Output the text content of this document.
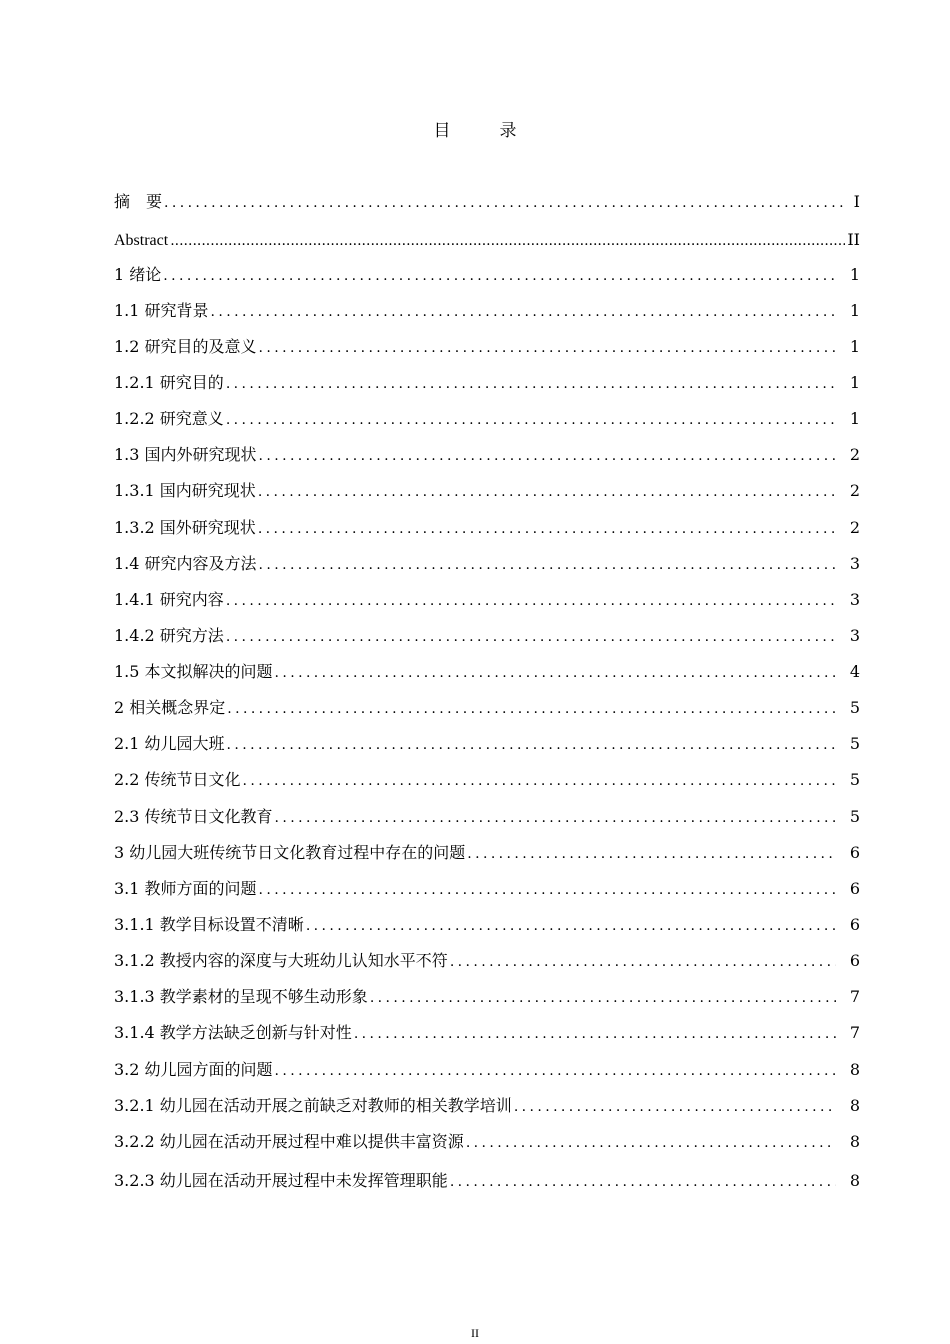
目　录
摘　要 .....	I
Abstract .....	II
1 绪论 .....	1
1.1 研究背景 .....	1
1.2 研究目的及意义 .....	1
1.2.1 研究目的 .....	1
1.2.2 研究意义 .....	1
1.3 国内外研究现状 .....	2
1.3.1 国内研究现状 .....	2
1.3.2 国外研究现状 .....	2
1.4 研究内容及方法 .....	3
1.4.1 研究内容 .....	3
1.4.2 研究方法 .....	3
1.5 本文拟解决的问题 .....	4
2 相关概念界定 .....	5
2.1 幼儿园大班 .....	5
2.2 传统节日文化 .....	5
2.3 传统节日文化教育 .....	5
3 幼儿园大班传统节日文化教育过程中存在的问题 .....	6
3.1 教师方面的问题 .....	6
3.1.1 教学目标设置不清晰 .....	6
3.1.2 教授内容的深度与大班幼儿认知水平不符 .....	6
3.1.3 教学素材的呈现不够生动形象 .....	7
3.1.4 教学方法缺乏创新与针对性 .....	7
3.2 幼儿园方面的问题 .....	8
3.2.1 幼儿园在活动开展之前缺乏对教师的相关教学培训 .....	8
3.2.2 幼儿园在活动开展过程中难以提供丰富资源 .....	8
3.2.3 幼儿园在活动开展过程中未发挥管理职能 .....	8
II
